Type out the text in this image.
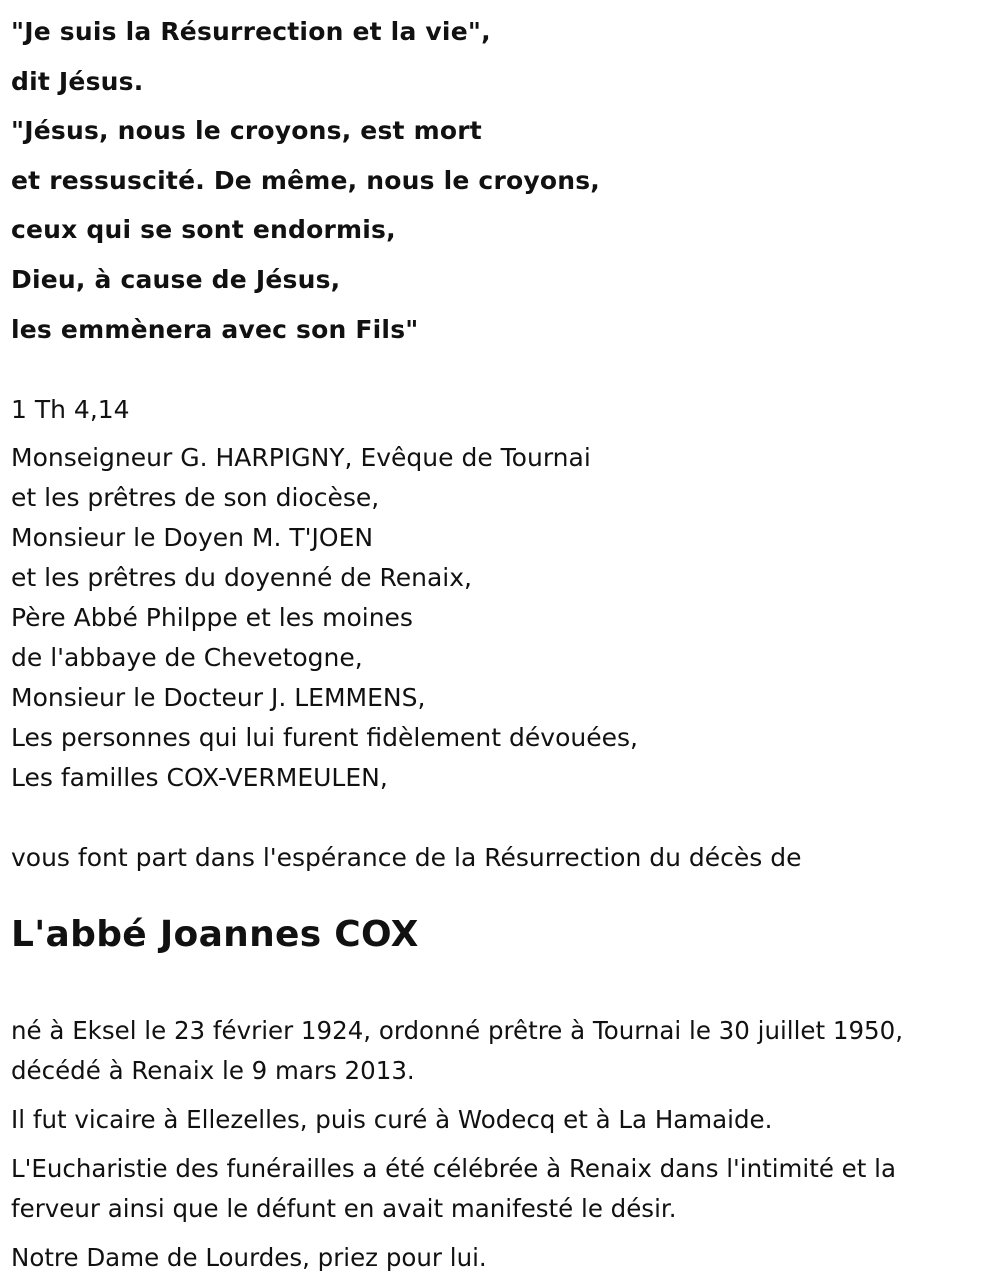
"Je suis la Résurrection et la vie",
dit Jésus.
"Jésus, nous le croyons, est mort
et ressuscité. De même, nous le croyons,
ceux qui se sont endormis,
Dieu, à cause de Jésus,
les emmènera avec son Fils"
1 Th 4,14
Monseigneur G. HARPIGNY, Evêque de Tournai
et les prêtres de son diocèse,
Monsieur le Doyen M. T'JOEN
et les prêtres du doyenné de Renaix,
Père Abbé Philppe et les moines
de l'abbaye de Chevetogne,
Monsieur le Docteur J. LEMMENS,
Les personnes qui lui furent fidèlement dévouées,
Les familles COX-VERMEULEN,
vous font part dans l'espérance de la Résurrection du décès de
L'abbé Joannes COX
né à Eksel le 23 février 1924, ordonné prêtre à Tournai le 30 juillet 1950, décédé à Renaix le 9 mars 2013.
Il fut vicaire à Ellezelles, puis curé à Wodecq et à La Hamaide.
L'Eucharistie des funérailles a été célébrée à Renaix dans l'intimité et la ferveur ainsi que le défunt en avait manifesté le désir.
Notre Dame de Lourdes, priez pour lui.
